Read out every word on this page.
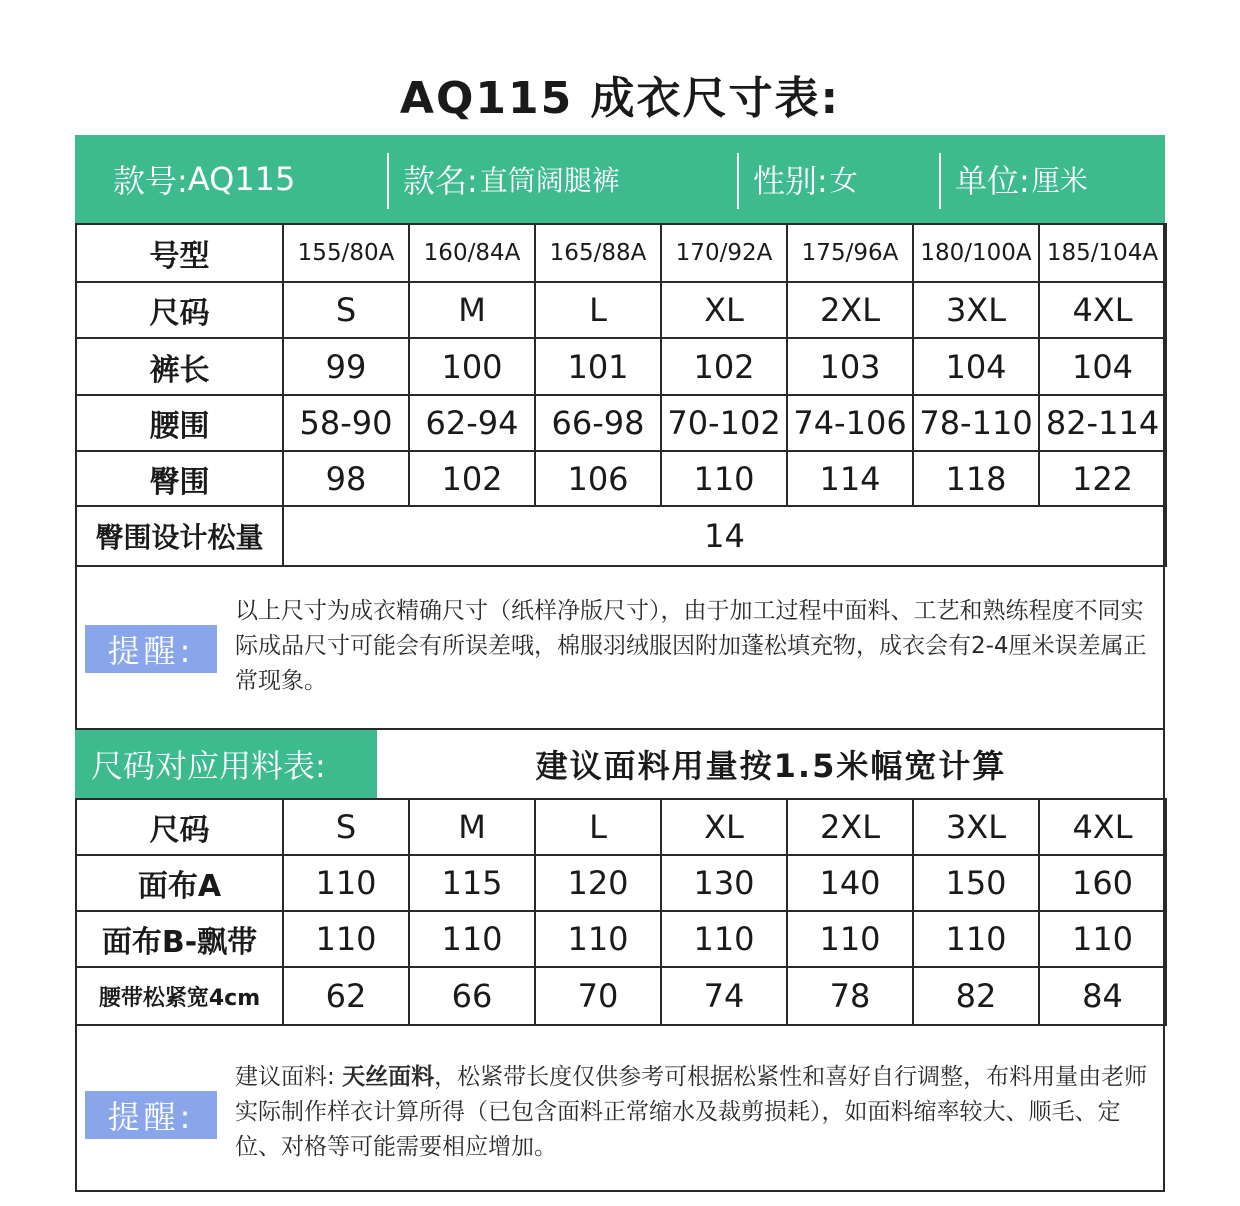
AQ115 成衣尺寸表:
款号: AQ115	款名: 直筒阔腿裤	性别: 女	单位: 厘米
号型	155/80A	160/84A	165/88A	170/92A	175/96A	180/100A	185/104A
尺码	S	M	L	XL	2XL	3XL	4XL
裤长	99	100	101	102	103	104	104
腰围	58-90	62-94	66-98	70-102	74-106	78-110	82-114
臀围	98	102	106	110	114	118	122
臀围设计松量	14						
提醒:
以上尺寸为成衣精确尺寸（纸样净版尺寸），由于加工过程中面料、工艺和熟练程度不同实际成品尺寸可能会有所误差哦，棉服羽绒服因附加蓬松填充物，成衣会有2-4厘米误差属正常现象。
尺码对应用料表:	建议面料用量按1.5米幅宽计算
尺码	S	M	L	XL	2XL	3XL	4XL
面布A	110	115	120	130	140	150	160
面布B-飘带	110	110	110	110	110	110	110
腰带松紧宽4cm	62	66	70	74	78	82	84
提醒:
建议面料: 天丝面料，松紧带长度仅供参考可根据松紧性和喜好自行调整，布料用量由老师实际制作样衣计算所得（已包含面料正常缩水及裁剪损耗），如面料缩率较大、顺毛、定位、对格等可能需要相应增加。
